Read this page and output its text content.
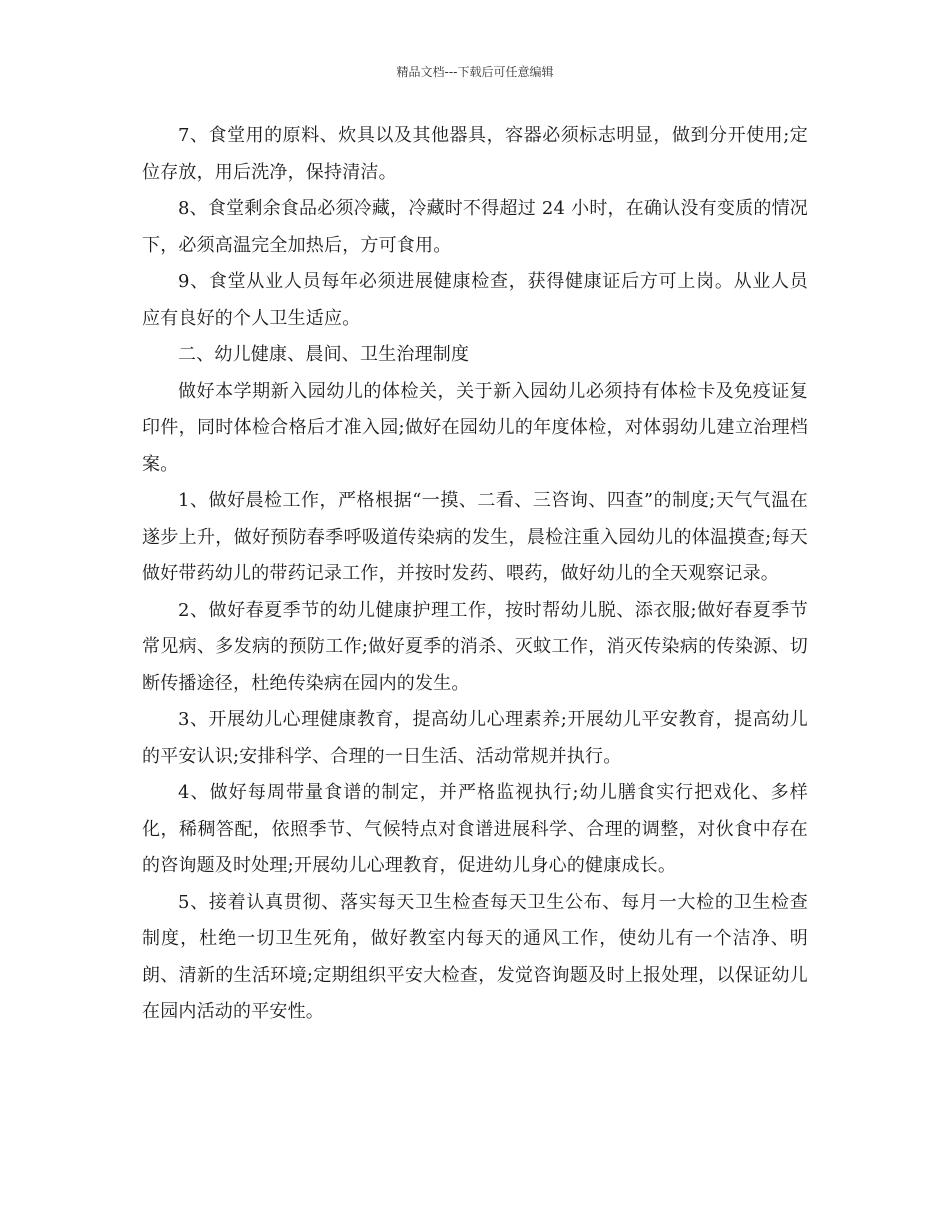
精品文档---下载后可任意编辑

7、食堂用的原料、炊具以及其他器具，容器必须标志明显，做到分开使用;定位存放，用后洗净，保持清洁。

8、食堂剩余食品必须冷藏，冷藏时不得超过 24 小时，在确认没有变质的情况下，必须高温完全加热后，方可食用。

9、食堂从业人员每年必须进展健康检查，获得健康证后方可上岗。从业人员应有良好的个人卫生适应。

二、幼儿健康、晨间、卫生治理制度

做好本学期新入园幼儿的体检关，关于新入园幼儿必须持有体检卡及免疫证复印件，同时体检合格后才准入园;做好在园幼儿的年度体检，对体弱幼儿建立治理档案。

1、做好晨检工作，严格根据“一摸、二看、三咨询、四查”的制度;天气气温在遂步上升，做好预防春季呼吸道传染病的发生，晨检注重入园幼儿的体温摸查;每天做好带药幼儿的带药记录工作，并按时发药、喂药，做好幼儿的全天观察记录。

2、做好春夏季节的幼儿健康护理工作，按时帮幼儿脱、添衣服;做好春夏季节常见病、多发病的预防工作;做好夏季的消杀、灭蚊工作，消灭传染病的传染源、切断传播途径，杜绝传染病在园内的发生。

3、开展幼儿心理健康教育，提高幼儿心理素养;开展幼儿平安教育，提高幼儿的平安认识;安排科学、合理的一日生活、活动常规并执行。

4、做好每周带量食谱的制定，并严格监视执行;幼儿膳食实行把戏化、多样化，稀稠答配，依照季节、气候特点对食谱进展科学、合理的调整，对伙食中存在的咨询题及时处理;开展幼儿心理教育，促进幼儿身心的健康成长。

5、接着认真贯彻、落实每天卫生检查每天卫生公布、每月一大检的卫生检查制度，杜绝一切卫生死角，做好教室内每天的通风工作，使幼儿有一个洁净、明朗、清新的生活环境;定期组织平安大检查，发觉咨询题及时上报处理，以保证幼儿在园内活动的平安性。
